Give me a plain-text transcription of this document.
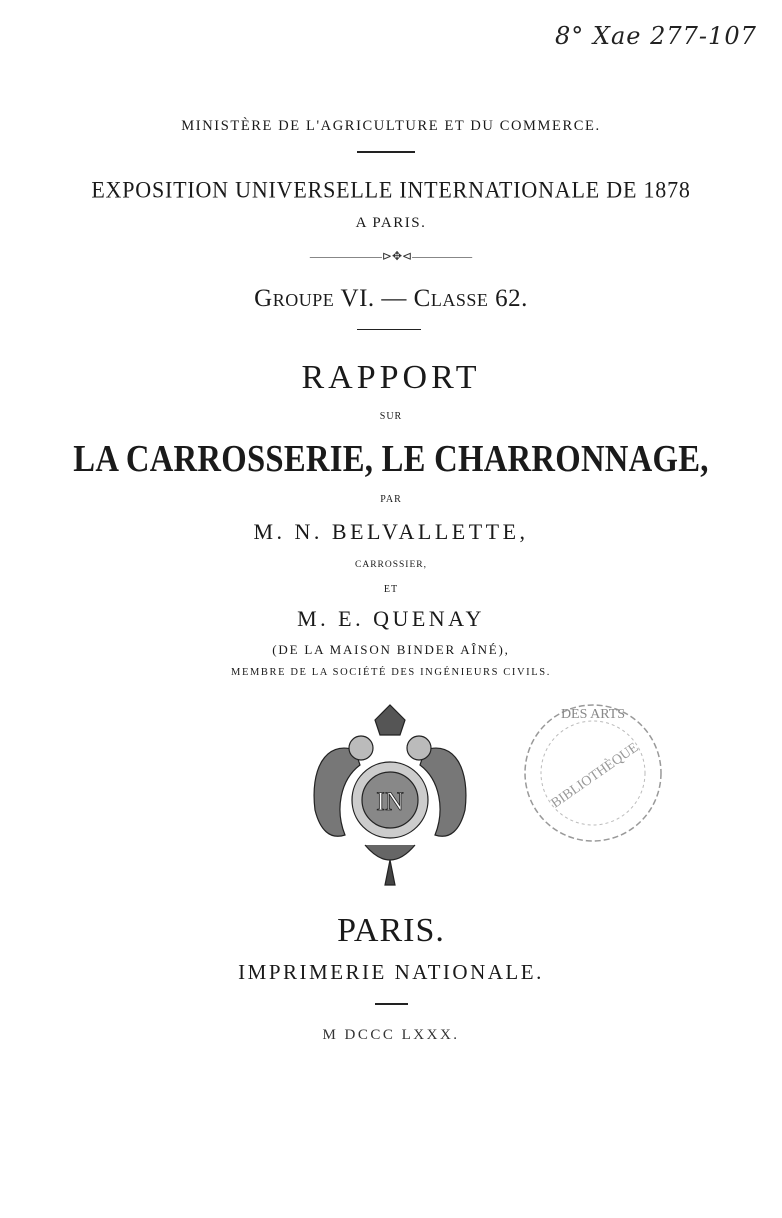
8° Xae 277-107
MINISTÈRE DE L'AGRICULTURE ET DU COMMERCE.
EXPOSITION UNIVERSELLE INTERNATIONALE DE 1878
A PARIS.
——————⊳✥⊲—————
Groupe VI. — Classe 62.
RAPPORT
SUR
LA CARROSSERIE, LE CHARRONNAGE,
PAR
M. N. BELVALLETTE,
CARROSSIER,
ET
M. E. QUENAY
(DE LA MAISON BINDER AÎNÉ),
MEMBRE DE LA SOCIÉTÉ DES INGÉNIEURS CIVILS.
IN
DES ARTS
BIBLIOTHÈQUE
PARIS.
IMPRIMERIE NATIONALE.
M DCCC LXXX.
